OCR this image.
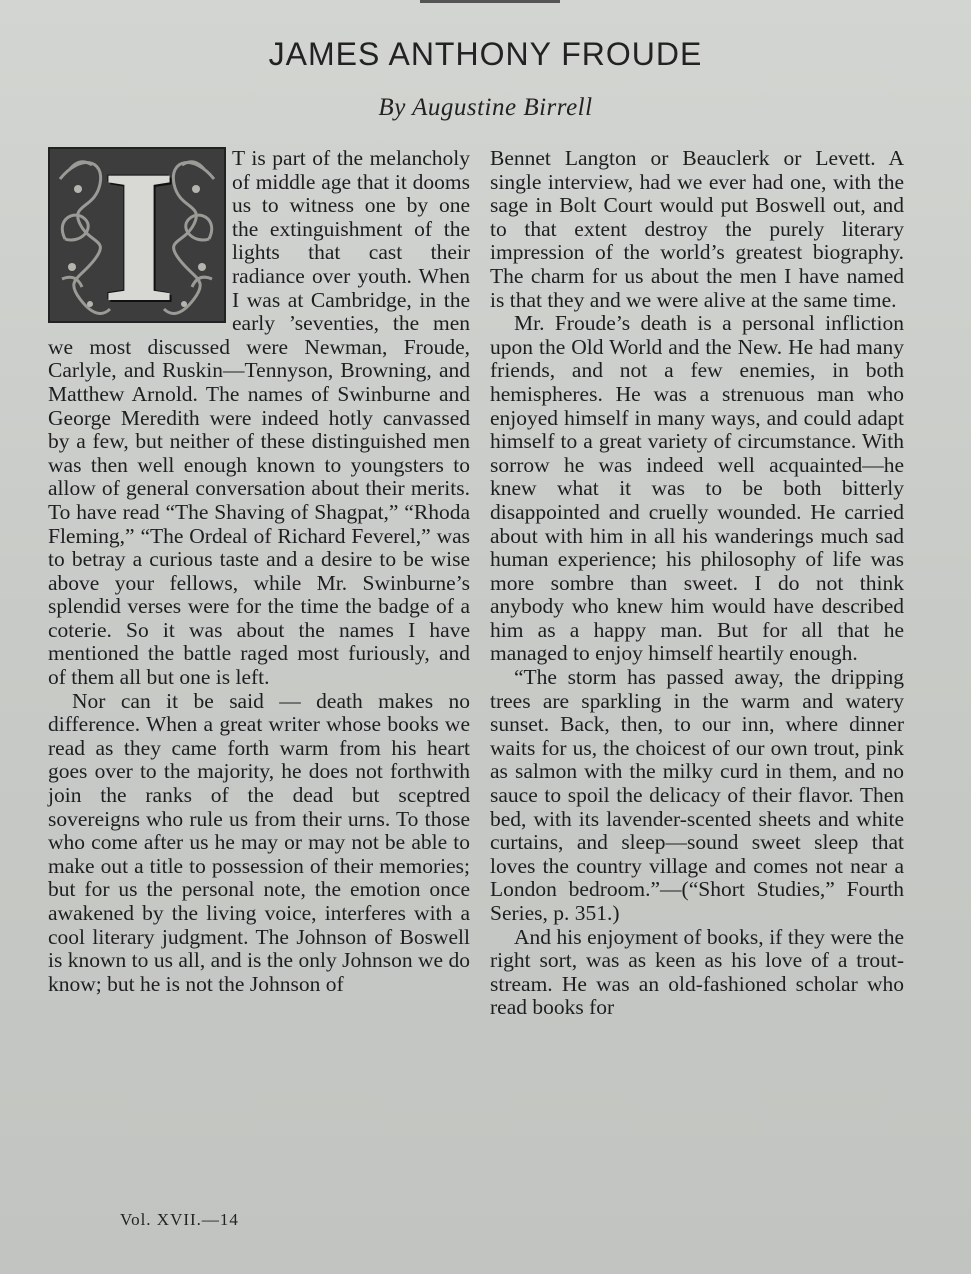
JAMES ANTHONY FROUDE
By Augustine Birrell
I	T is part of the melancholy of middle age that it dooms us to witness one by one the extinguishment of the lights that cast their radiance over youth. When I was at Cambridge, in the early ’seventies, the men we most discussed were Newman, Froude, Carlyle, and Ruskin—Tennyson, Browning, and Matthew Arnold. The names of Swinburne and George Meredith were indeed hotly canvassed by a few, but neither of these distinguished men was then well enough known to youngsters to allow of general conversation about their merits. To have read “The Shaving of Shagpat,” “Rhoda Fleming,” “The Ordeal of Richard Feverel,” was to betray a curious taste and a desire to be wise above your fellows, while Mr. Swinburne’s splendid verses were for the time the badge of a coterie. So it was about the names I have mentioned the battle raged most furiously, and of them all but one is left.

Nor can it be said — death makes no difference. When a great writer whose books we read as they came forth warm from his heart goes over to the majority, he does not forthwith join the ranks of the dead but sceptred sovereigns who rule us from their urns. To those who come after us he may or may not be able to make out a title to possession of their memories; but for us the personal note, the emotion once awakened by the living voice, interferes with a cool literary judgment. The Johnson of Boswell is known to us all, and is the only Johnson we do know; but he is not the Johnson of

Bennet Langton or Beauclerk or Levett. A single interview, had we ever had one, with the sage in Bolt Court would put Boswell out, and to that extent destroy the purely literary impression of the world’s greatest biography. The charm for us about the men I have named is that they and we were alive at the same time.

Mr. Froude’s death is a personal infliction upon the Old World and the New. He had many friends, and not a few enemies, in both hemispheres. He was a strenuous man who enjoyed himself in many ways, and could adapt himself to a great variety of circumstance. With sorrow he was indeed well acquainted—he knew what it was to be both bitterly disappointed and cruelly wounded. He carried about with him in all his wanderings much sad human experience; his philosophy of life was more sombre than sweet. I do not think anybody who knew him would have described him as a happy man. But for all that he managed to enjoy himself heartily enough.

“The storm has passed away, the dripping trees are sparkling in the warm and watery sunset. Back, then, to our inn, where dinner waits for us, the choicest of our own trout, pink as salmon with the milky curd in them, and no sauce to spoil the delicacy of their flavor. Then bed, with its lavender-scented sheets and white curtains, and sleep—sound sweet sleep that loves the country village and comes not near a London bedroom.”—(“Short Studies,” Fourth Series, p. 351.)

And his enjoyment of books, if they were the right sort, was as keen as his love of a trout-stream. He was an old-fashioned scholar who read books for

Vol. XVII.—14
